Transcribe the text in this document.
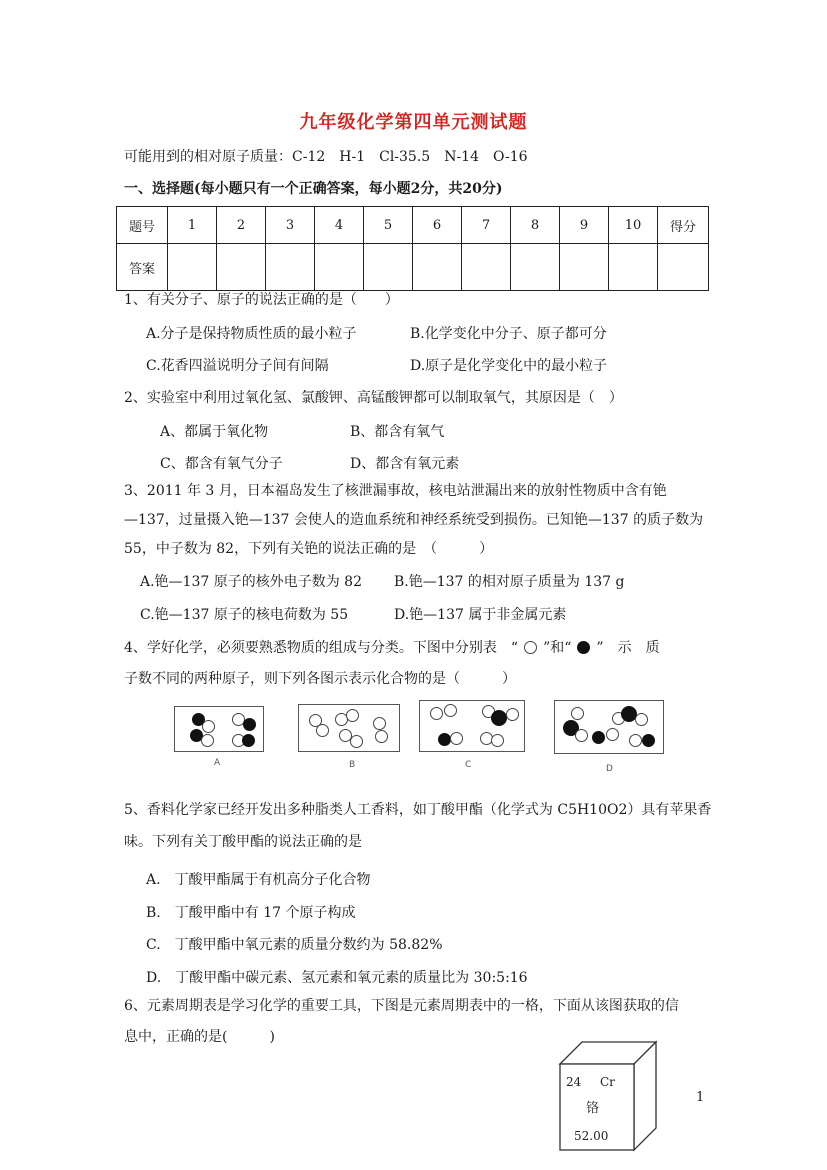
九年级化学第四单元测试题
可能用到的相对原子质量：C-12　H-1　Cl-35.5　N-14　O-16
一、选择题(每小题只有一个正确答案，每小题2分，共20分)
题号	1	2	3	4	5	6	7	8	9	10	得分
答案											
1、有关分子、原子的说法正确的是（　　）
A.分子是保持物质性质的最小粒子	B.化学变化中分子、原子都可分
C.花香四溢说明分子间有间隔	D.原子是化学变化中的最小粒子
2、实验室中利用过氧化氢、氯酸钾、高锰酸钾都可以制取氧气，其原因是（　）
A、都属于氧化物	B、都含有氧气
C、都含有氧气分子	D、都含有氧元素
3、2011 年 3 月，日本福岛发生了核泄漏事故，核电站泄漏出来的放射性物质中含有铯
—137，过量摄入铯—137 会使人的造血系统和神经系统受到损伤。已知铯—137 的质子数为
55，中子数为 82，下列有关铯的说法正确的是　（　　　）
A.铯—137 原子的核外电子数为 82 B.铯—137 的相对原子质量为 137 g
C.铯—137 原子的核电荷数为 55	D.铯—137 属于非金属元素
4、学好化学，必须要熟悉物质的组成与分类。下图中分别表　“ ”和“ ”　示　质
子数不同的两种原子，则下列各图示表示化合物的是（　　　）
A	B	C	D
5、香料化学家已经开发出多种脂类人工香料，如丁酸甲酯（化学式为 C5H10O2）具有苹果香
味。下列有关丁酸甲酯的说法正确的是
A.　丁酸甲酯属于有机高分子化合物
B.　丁酸甲酯中有 17 个原子构成
C.　丁酸甲酯中氧元素的质量分数约为 58.82%
D.　丁酸甲酯中碳元素、氢元素和氧元素的质量比为 30:5:16
6、元素周期表是学习化学的重要工具，下图是元素周期表中的一格，下面从该图获取的信
息中，正确的是(　　　)
24 Cr
铬
52.00
1
